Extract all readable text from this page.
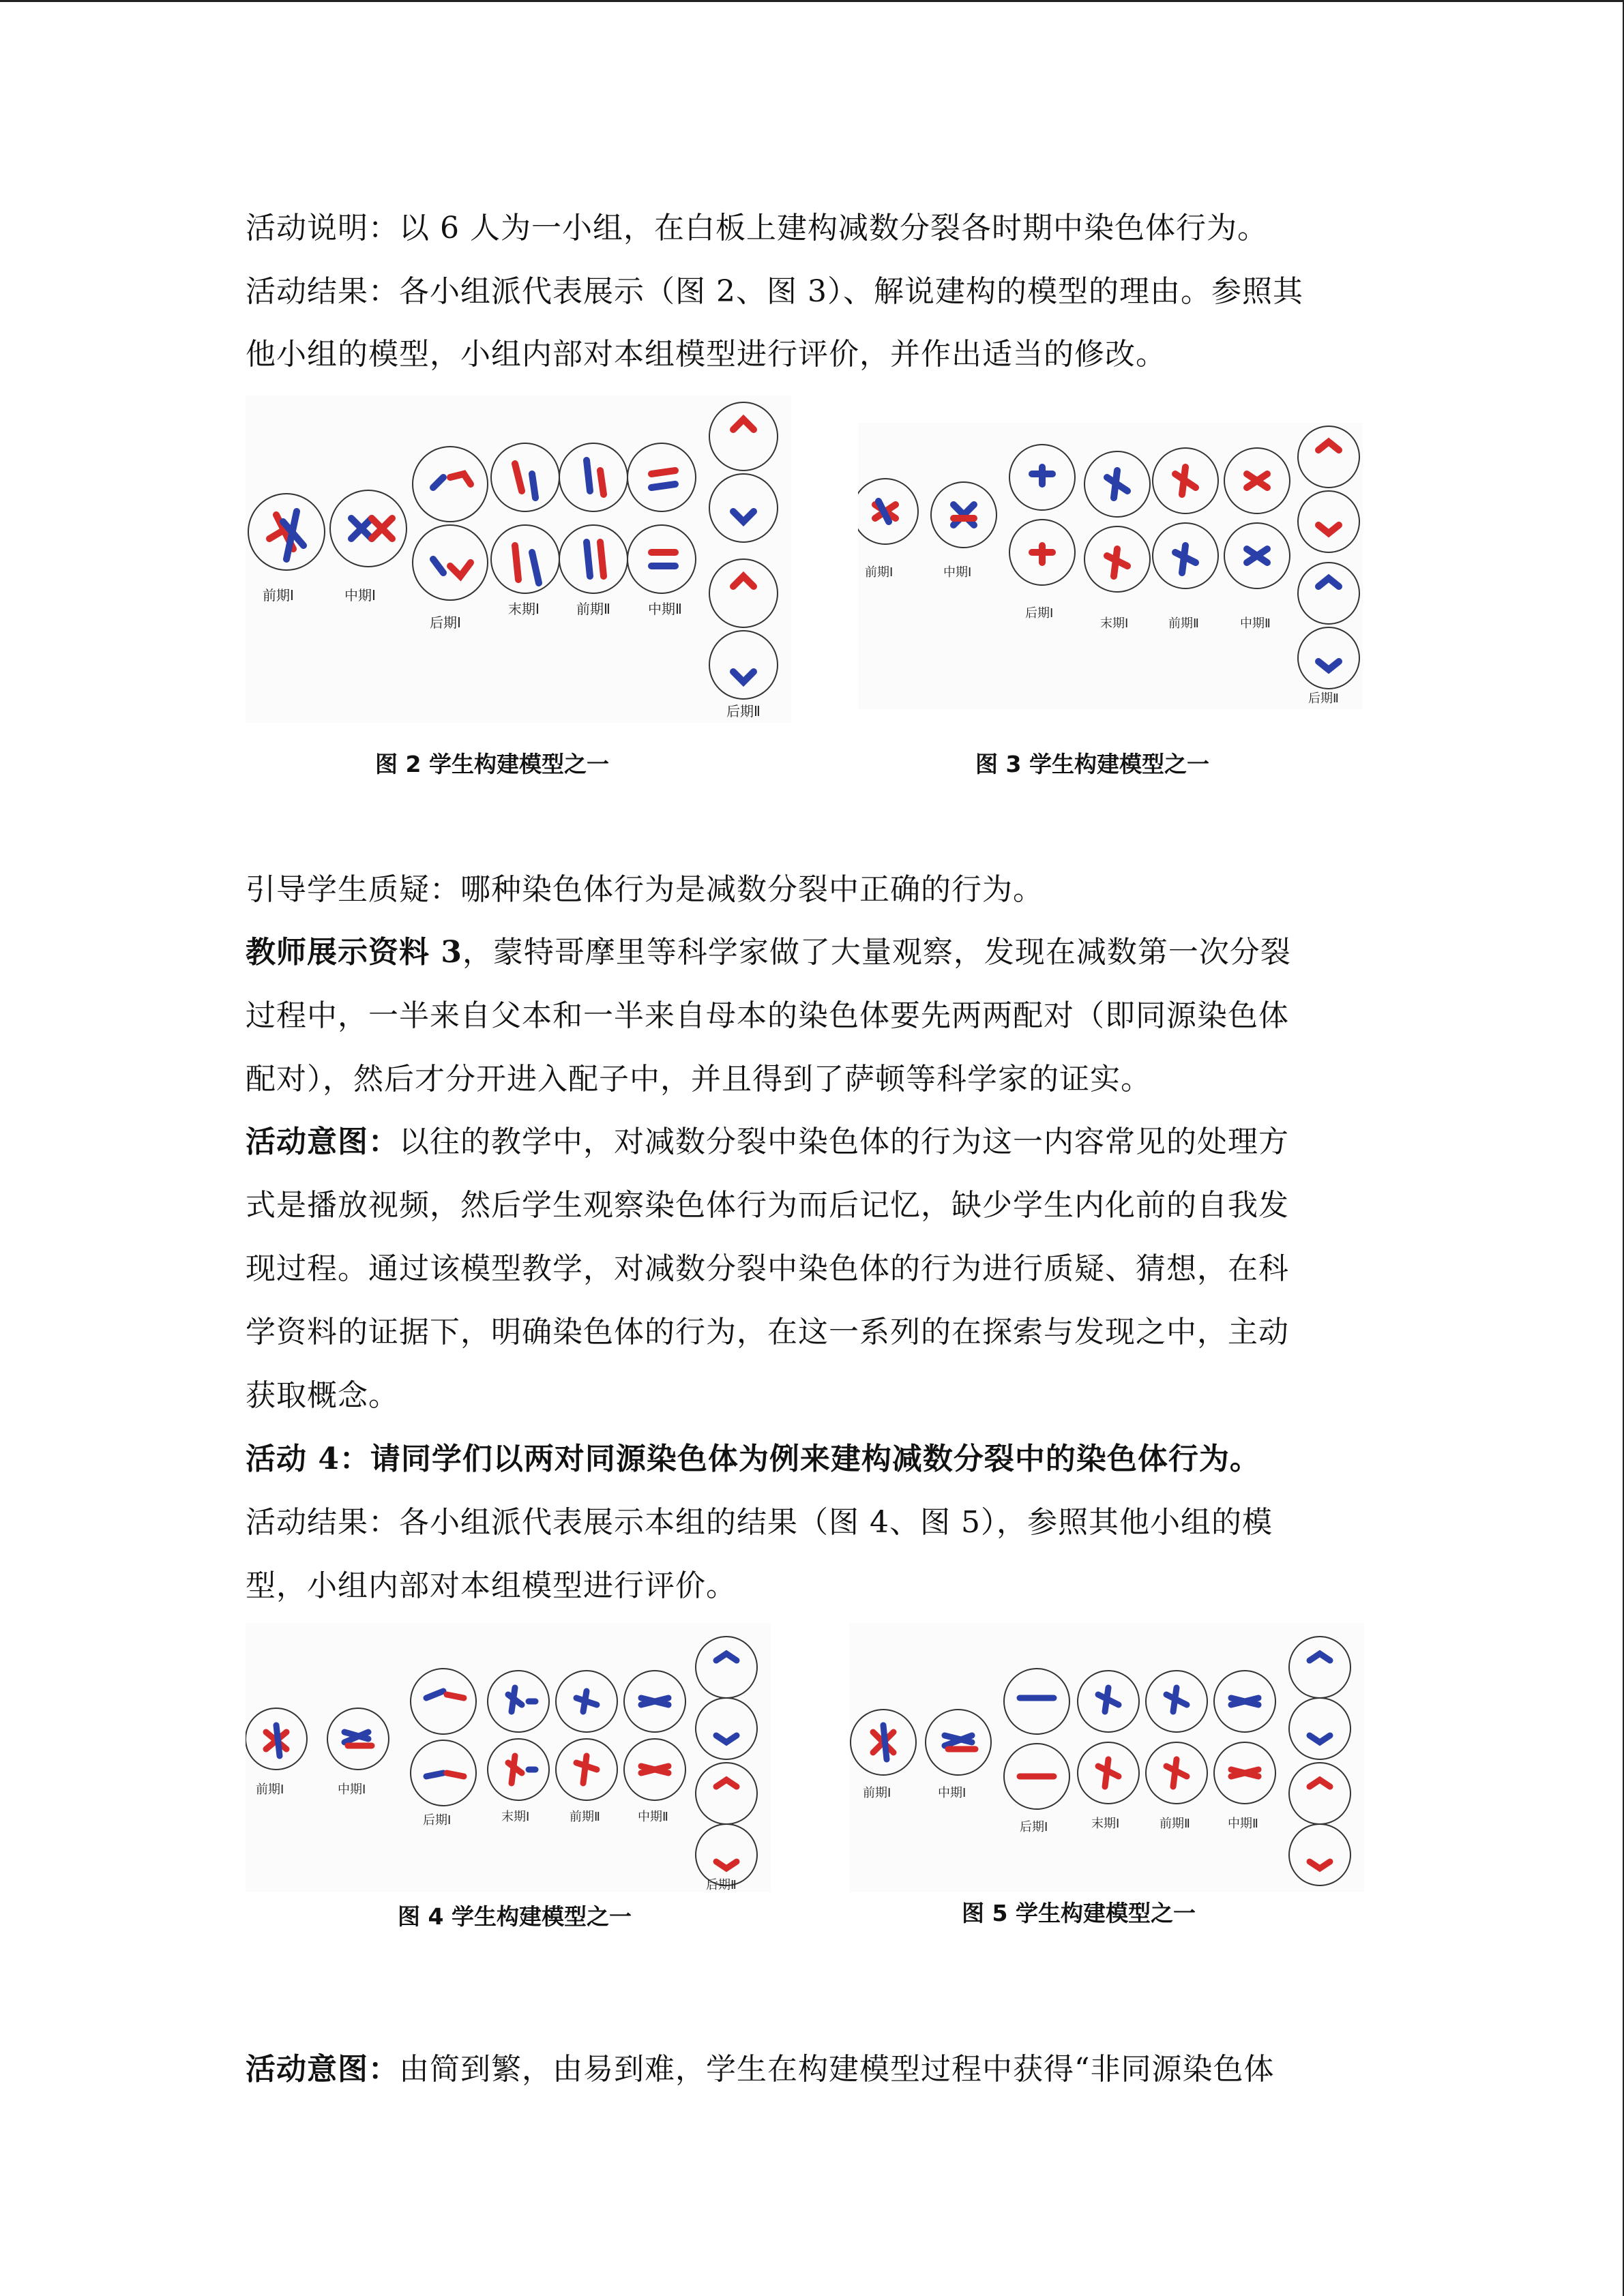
活动说明：以 6 人为一小组，在白板上建构减数分裂各时期中染色体行为。
活动结果：各小组派代表展示（图 2、图 3）、解说建构的模型的理由。参照其
他小组的模型，小组内部对本组模型进行评价，并作出适当的修改。
前期Ⅰ	中期Ⅰ
后期Ⅰ
末期Ⅰ	前期Ⅱ	中期Ⅱ
后期Ⅱ
图 2 学生构建模型之一
前期Ⅰ	中期Ⅰ
后期Ⅰ
末期Ⅰ	前期Ⅱ	中期Ⅱ
后期Ⅱ
图 3 学生构建模型之一
引导学生质疑：哪种染色体行为是减数分裂中正确的行为。
教师展示资料 3，蒙特哥摩里等科学家做了大量观察，发现在减数第一次分裂
过程中，一半来自父本和一半来自母本的染色体要先两两配对（即同源染色体
配对），然后才分开进入配子中，并且得到了萨顿等科学家的证实。
活动意图：以往的教学中，对减数分裂中染色体的行为这一内容常见的处理方
式是播放视频，然后学生观察染色体行为而后记忆，缺少学生内化前的自我发
现过程。通过该模型教学，对减数分裂中染色体的行为进行质疑、猜想，在科
学资料的证据下，明确染色体的行为，在这一系列的在探索与发现之中，主动
获取概念。
活动 4：请同学们以两对同源染色体为例来建构减数分裂中的染色体行为。
活动结果：各小组派代表展示本组的结果（图 4、图 5），参照其他小组的模
型，小组内部对本组模型进行评价。
前期Ⅰ	中期Ⅰ
后期Ⅰ	末期Ⅰ	前期Ⅱ	中期Ⅱ
后期Ⅱ
图 4 学生构建模型之一
前期Ⅰ	中期Ⅰ
后期Ⅰ	末期Ⅰ	前期Ⅱ	中期Ⅱ
图 5 学生构建模型之一
活动意图：由简到繁，由易到难，学生在构建模型过程中获得“非同源染色体
